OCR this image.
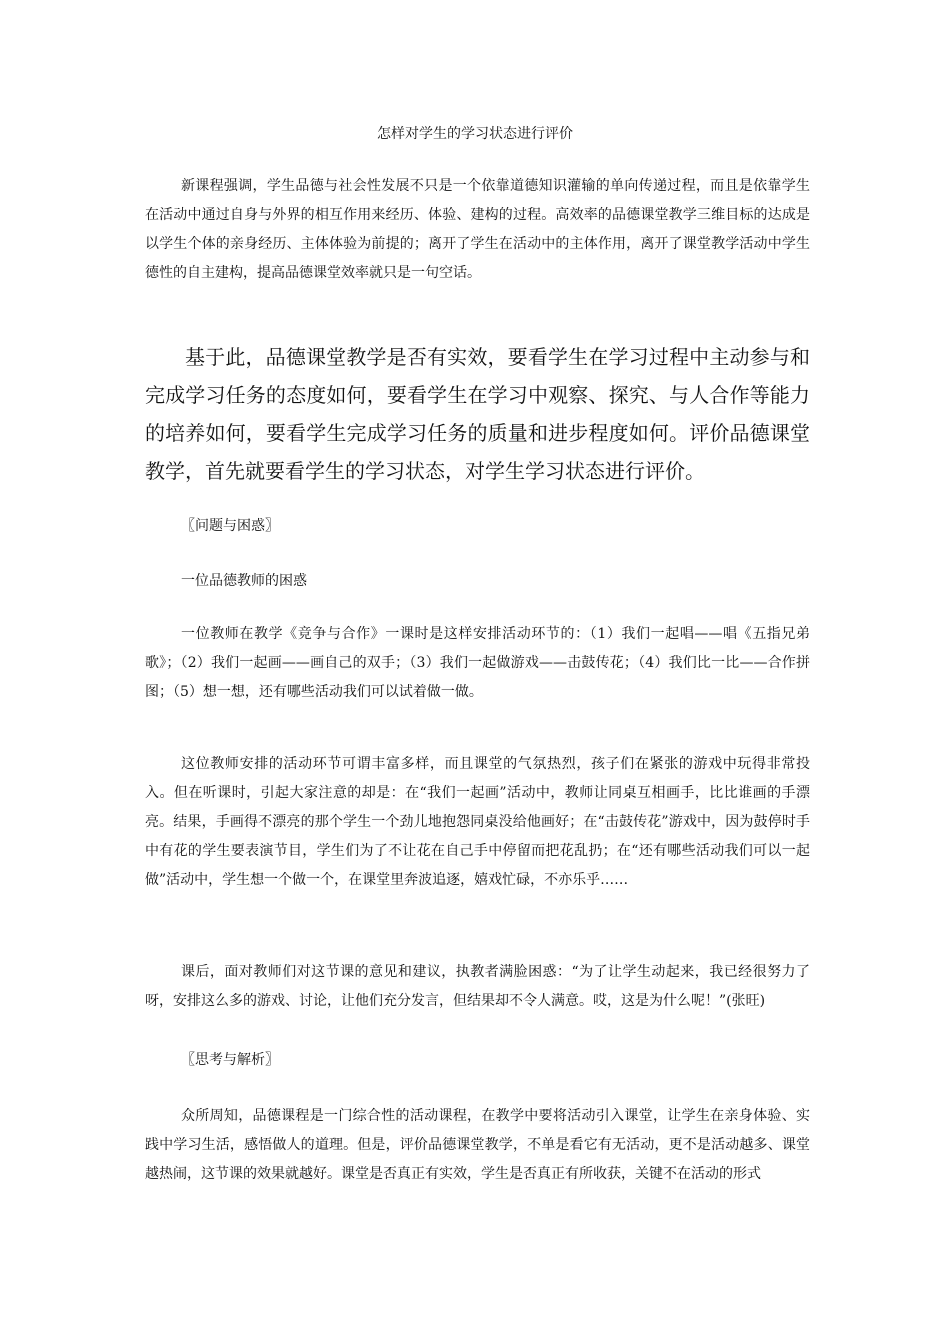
怎样对学生的学习状态进行评价

新课程强调，学生品德与社会性发展不只是一个依靠道德知识灌输的单向传递过程，而且是依靠学生在活动中通过自身与外界的相互作用来经历、体验、建构的过程。高效率的品德课堂教学三维目标的达成是以学生个体的亲身经历、主体体验为前提的；离开了学生在活动中的主体作用，离开了课堂教学活动中学生德性的自主建构，提高品德课堂效率就只是一句空话。

基于此，品德课堂教学是否有实效，要看学生在学习过程中主动参与和完成学习任务的态度如何，要看学生在学习中观察、探究、与人合作等能力的培养如何，要看学生完成学习任务的质量和进步程度如何。评价品德课堂教学，首先就要看学生的学习状态，对学生学习状态进行评价。

〖问题与困惑〗

一位品德教师的困惑

一位教师在教学《竞争与合作》一课时是这样安排活动环节的：（1）我们一起唱——唱《五指兄弟歌》；（2）我们一起画——画自己的双手；（3）我们一起做游戏——击鼓传花；（4）我们比一比——合作拼图；（5）想一想，还有哪些活动我们可以试着做一做。

这位教师安排的活动环节可谓丰富多样，而且课堂的气氛热烈，孩子们在紧张的游戏中玩得非常投入。但在听课时，引起大家注意的却是：在“我们一起画”活动中，教师让同桌互相画手，比比谁画的手漂亮。结果，手画得不漂亮的那个学生一个劲儿地抱怨同桌没给他画好；在“击鼓传花”游戏中，因为鼓停时手中有花的学生要表演节目，学生们为了不让花在自己手中停留而把花乱扔；在“还有哪些活动我们可以一起做”活动中，学生想一个做一个，在课堂里奔波追逐，嬉戏忙碌，不亦乐乎……

课后，面对教师们对这节课的意见和建议，执教者满脸困惑：“为了让学生动起来，我已经很努力了呀，安排这么多的游戏、讨论，让他们充分发言，但结果却不令人满意。哎，这是为什么呢！”(张旺)

〖思考与解析〗

众所周知，品德课程是一门综合性的活动课程，在教学中要将活动引入课堂，让学生在亲身体验、实践中学习生活，感悟做人的道理。但是，评价品德课堂教学，不单是看它有无活动，更不是活动越多、课堂越热闹，这节课的效果就越好。课堂是否真正有实效，学生是否真正有所收获，关键不在活动的形式
